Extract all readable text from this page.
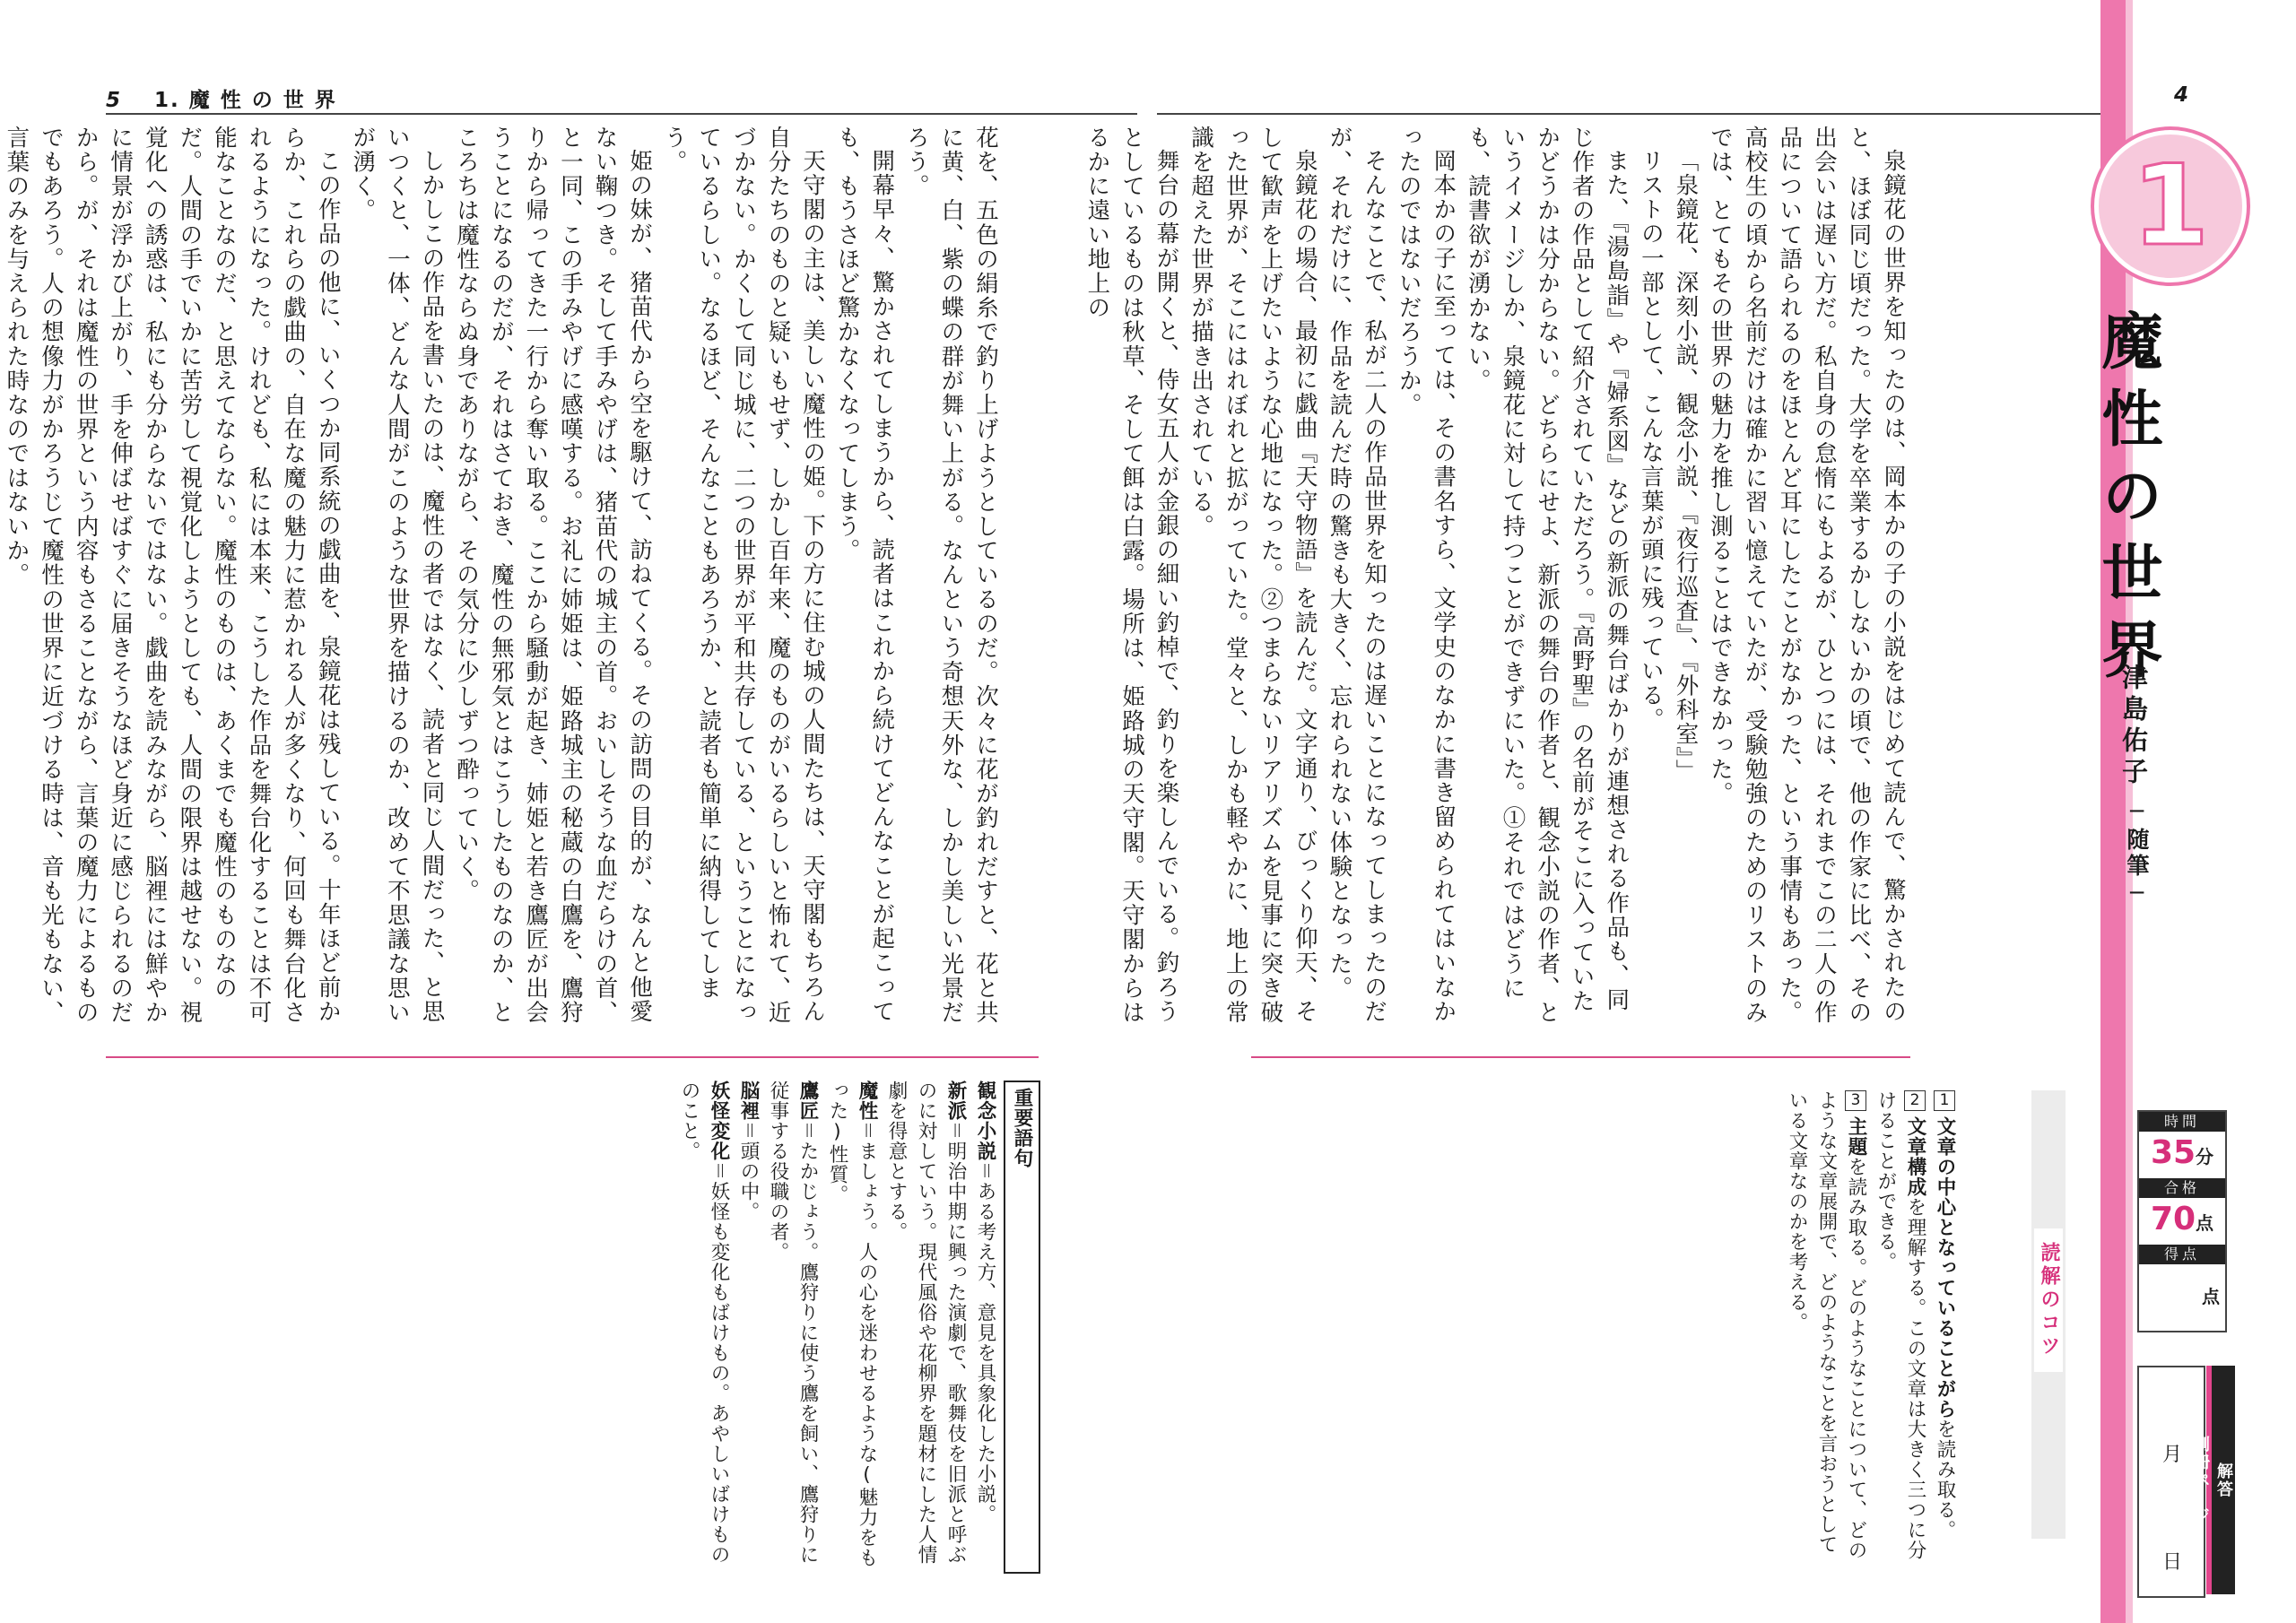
5 1. 魔 性 の 世 界	4

花を、五色の絹糸で釣り上げようとしているのだ。次々に花が釣れだすと、花と共に黄、白、紫の蝶の群が舞い上がる。なんという奇想天外な、しかし美しい光景だろう。

開幕早々、驚かされてしまうから、読者はこれから続けてどんなことが起こっても、もうさほど驚かなくなってしまう。

天守閣の主は、美しい魔性の姫。下の方に住む城の人間たちは、天守閣もちろん自分たちのものと疑いもせず、しかし百年来、魔のものがいるらしいと怖れて、近づかない。かくして同じ城に、二つの世界が平和共存している、ということになっているらしい。なるほど、そんなこともあろうか、と読者も簡単に納得してしまう。

姫の妹が、猪苗代から空を駆けて、訪ねてくる。その訪問の目的が、なんと他愛ない鞠つき。そして手みやげは、猪苗代の城主の首。おいしそうな血だらけの首、と一同、この手みやげに感嘆する。お礼に姉姫は、姫路城主の秘蔵の白鷹を、鷹狩りから帰ってきた一行から奪い取る。ここから騒動が起き、姉姫と若き鷹匠が出会うことになるのだが、それはさておき、魔性の無邪気とはこうしたものなのか、ところちは魔性ならぬ身でありながら、その気分に少しずつ酔っていく。

しかしこの作品を書いたのは、魔性の者ではなく、読者と同じ人間だった、と思いつくと、一体、どんな人間がこのような世界を描けるのか、改めて不思議な思いが湧く。

この作品の他に、いくつか同系統の戯曲を、泉鏡花は残している。十年ほど前からか、これらの戯曲の、自在な魔の魅力に惹かれる人が多くなり、何回も舞台化されるようになった。けれども、私には本来、こうした作品を舞台化することは不可能なことなのだ、と思えてならない。魔性のものは、あくまでも魔性のものなのだ。人間の手でいかに苦労して視覚化しようとしても、人間の限界は越せない。視覚化への誘惑は、私にも分からないではない。戯曲を読みながら、脳裡には鮮やかに情景が浮かび上がり、手を伸ばせばすぐに届きそうなほど身近に感じられるのだから。が、それは魔性の世界という内容もさることながら、言葉の魔力によるものでもあろう。人の想像力がかろうじて魔性の世界に近づける時は、音も光もない、言葉のみを与えられた時なのではないか。

重要語句
観念小説＝ある考え方、意見を具象化した小説。
新派＝明治中期に興った演劇で、歌舞伎を旧派と呼ぶのに対していう。現代風俗や花柳界を題材にした人情劇を得意とする。
魔性＝ましょう。人の心を迷わせるような(魅力をもった)性質。
鷹匠＝たかじょう。鷹狩りに使う鷹を飼い、鷹狩りに従事する役職の者。
脳裡＝頭の中。
妖怪変化＝妖怪も変化もばけもの。あやしいばけもののこと。

泉鏡花の世界を知ったのは、岡本かの子の小説をはじめて読んで、驚かされたのと、ほぼ同じ頃だった。大学を卒業するかしないかの頃で、他の作家に比べ、その出会いは遅い方だ。私自身の怠惰にもよるが、ひとつには、それまでこの二人の作品について語られるのをほとんど耳にしたことがなかった、という事情もあった。高校生の頃から名前だけは確かに習い憶えていたが、受験勉強のためのリストのみでは、とてもその世界の魅力を推し測ることはできなかった。

「泉鏡花、深刻小説、観念小説、『夜行巡査』、『外科室』」

リストの一部として、こんな言葉が頭に残っている。

また、『湯島詣』や『婦系図』などの新派の舞台ばかりが連想される作品も、同じ作者の作品として紹介されていただろう。『高野聖』の名前がそこに入っていたかどうかは分からない。どちらにせよ、新派の舞台の作者と、観念小説の作者、というイメージしか、泉鏡花に対して持つことができずにいた。①それではどうにも、読書欲が湧かない。

岡本かの子に至っては、その書名すら、文学史のなかに書き留められてはいなかったのではないだろうか。

そんなことで、私が二人の作品世界を知ったのは遅いことになってしまったのだが、それだけに、作品を読んだ時の驚きも大きく、忘れられない体験となった。

泉鏡花の場合、最初に戯曲『天守物語』を読んだ。文字通り、びっくり仰天、そして歓声を上げたいような心地になった。②つまらないリアリズムを見事に突き破った世界が、そこにはれぼれと拡がっていた。堂々と、しかも軽やかに、地上の常識を超えた世界が描き出されている。

舞台の幕が開くと、侍女五人が金銀の細い釣棹で、釣りを楽しんでいる。釣ろうとしているものは秋草、そして餌は白露。場所は、姫路城の天守閣。天守閣からはるかに遠い地上の

読解のコツ
1文章の中心となっていることがらを読み取る。
2文章構成を理解する。この文章は大きく三つに分けることができる。
3主題を読み取る。どのようなことについて、どのような文章展開で、どのようなことを言おうとしている文章なのかを考える。
1
魔性の世界
津島佑子
─随筆─
時間
35分
合格
70点
得点
点
月
日
解答
別冊ページ
